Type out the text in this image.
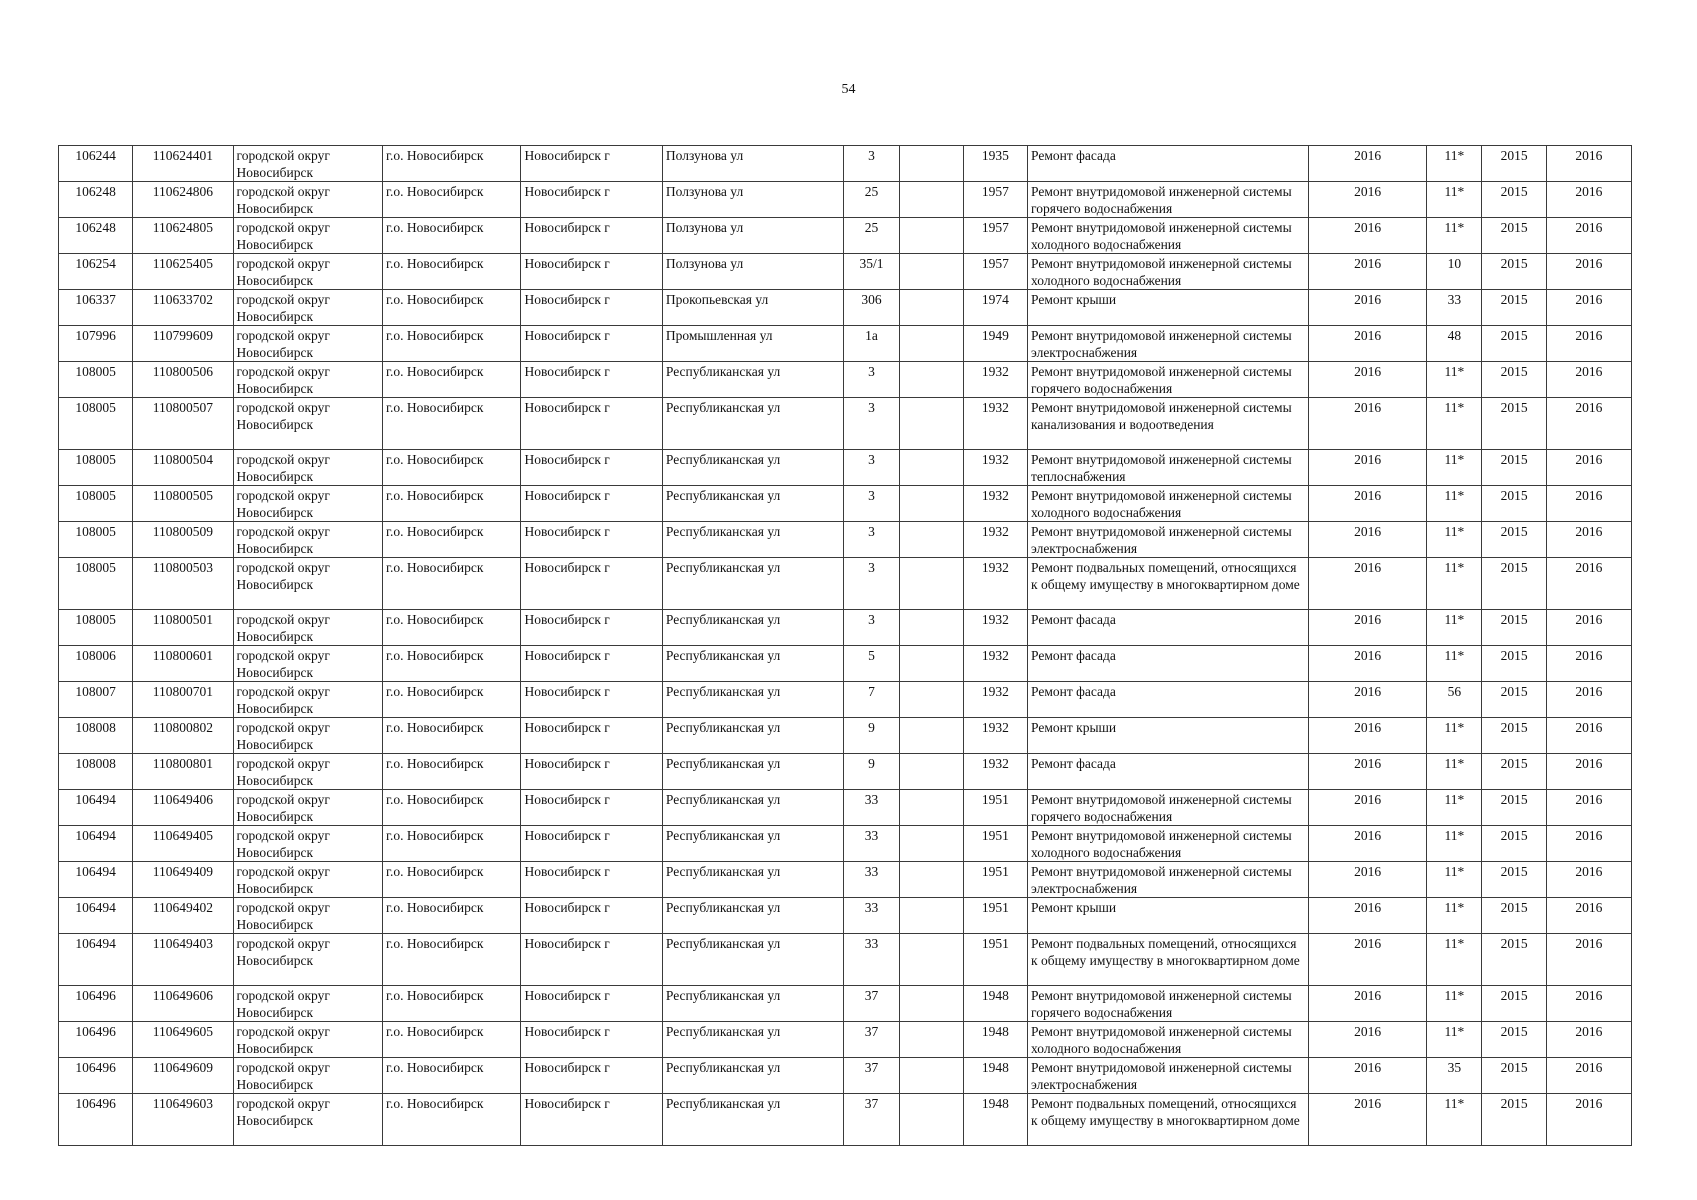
54
106244	110624401	городской округ Новосибирск	г.о. Новосибирск	Новосибирск г	Ползунова ул	3		1935	Ремонт фасада	2016	11*	2015	2016
106248	110624806	городской округ Новосибирск	г.о. Новосибирск	Новосибирск г	Ползунова ул	25		1957	Ремонт внутридомовой инженерной системы горячего водоснабжения	2016	11*	2015	2016
106248	110624805	городской округ Новосибирск	г.о. Новосибирск	Новосибирск г	Ползунова ул	25		1957	Ремонт внутридомовой инженерной системы холодного водоснабжения	2016	11*	2015	2016
106254	110625405	городской округ Новосибирск	г.о. Новосибирск	Новосибирск г	Ползунова ул	35/1		1957	Ремонт внутридомовой инженерной системы холодного водоснабжения	2016	10	2015	2016
106337	110633702	городской округ Новосибирск	г.о. Новосибирск	Новосибирск г	Прокопьевская ул	306		1974	Ремонт крыши	2016	33	2015	2016
107996	110799609	городской округ Новосибирск	г.о. Новосибирск	Новосибирск г	Промышленная ул	1а		1949	Ремонт внутридомовой инженерной системы электроснабжения	2016	48	2015	2016
108005	110800506	городской округ Новосибирск	г.о. Новосибирск	Новосибирск г	Республиканская ул	3		1932	Ремонт внутридомовой инженерной системы горячего водоснабжения	2016	11*	2015	2016
108005	110800507	городской округ Новосибирск	г.о. Новосибирск	Новосибирск г	Республиканская ул	3		1932	Ремонт внутридомовой инженерной системы канализования и водоотведения	2016	11*	2015	2016
108005	110800504	городской округ Новосибирск	г.о. Новосибирск	Новосибирск г	Республиканская ул	3		1932	Ремонт внутридомовой инженерной системы теплоснабжения	2016	11*	2015	2016
108005	110800505	городской округ Новосибирск	г.о. Новосибирск	Новосибирск г	Республиканская ул	3		1932	Ремонт внутридомовой инженерной системы холодного водоснабжения	2016	11*	2015	2016
108005	110800509	городской округ Новосибирск	г.о. Новосибирск	Новосибирск г	Республиканская ул	3		1932	Ремонт внутридомовой инженерной системы электроснабжения	2016	11*	2015	2016
108005	110800503	городской округ Новосибирск	г.о. Новосибирск	Новосибирск г	Республиканская ул	3		1932	Ремонт подвальных помещений, относящихся к общему имуществу в многоквартирном доме	2016	11*	2015	2016
108005	110800501	городской округ Новосибирск	г.о. Новосибирск	Новосибирск г	Республиканская ул	3		1932	Ремонт фасада	2016	11*	2015	2016
108006	110800601	городской округ Новосибирск	г.о. Новосибирск	Новосибирск г	Республиканская ул	5		1932	Ремонт фасада	2016	11*	2015	2016
108007	110800701	городской округ Новосибирск	г.о. Новосибирск	Новосибирск г	Республиканская ул	7		1932	Ремонт фасада	2016	56	2015	2016
108008	110800802	городской округ Новосибирск	г.о. Новосибирск	Новосибирск г	Республиканская ул	9		1932	Ремонт крыши	2016	11*	2015	2016
108008	110800801	городской округ Новосибирск	г.о. Новосибирск	Новосибирск г	Республиканская ул	9		1932	Ремонт фасада	2016	11*	2015	2016
106494	110649406	городской округ Новосибирск	г.о. Новосибирск	Новосибирск г	Республиканская ул	33		1951	Ремонт внутридомовой инженерной системы горячего водоснабжения	2016	11*	2015	2016
106494	110649405	городской округ Новосибирск	г.о. Новосибирск	Новосибирск г	Республиканская ул	33		1951	Ремонт внутридомовой инженерной системы холодного водоснабжения	2016	11*	2015	2016
106494	110649409	городской округ Новосибирск	г.о. Новосибирск	Новосибирск г	Республиканская ул	33		1951	Ремонт внутридомовой инженерной системы электроснабжения	2016	11*	2015	2016
106494	110649402	городской округ Новосибирск	г.о. Новосибирск	Новосибирск г	Республиканская ул	33		1951	Ремонт крыши	2016	11*	2015	2016
106494	110649403	городской округ Новосибирск	г.о. Новосибирск	Новосибирск г	Республиканская ул	33		1951	Ремонт подвальных помещений, относящихся к общему имуществу в многоквартирном доме	2016	11*	2015	2016
106496	110649606	городской округ Новосибирск	г.о. Новосибирск	Новосибирск г	Республиканская ул	37		1948	Ремонт внутридомовой инженерной системы горячего водоснабжения	2016	11*	2015	2016
106496	110649605	городской округ Новосибирск	г.о. Новосибирск	Новосибирск г	Республиканская ул	37		1948	Ремонт внутридомовой инженерной системы холодного водоснабжения	2016	11*	2015	2016
106496	110649609	городской округ Новосибирск	г.о. Новосибирск	Новосибирск г	Республиканская ул	37		1948	Ремонт внутридомовой инженерной системы электроснабжения	2016	35	2015	2016
106496	110649603	городской округ Новосибирск	г.о. Новосибирск	Новосибирск г	Республиканская ул	37		1948	Ремонт подвальных помещений, относящихся к общему имуществу в многоквартирном доме	2016	11*	2015	2016
